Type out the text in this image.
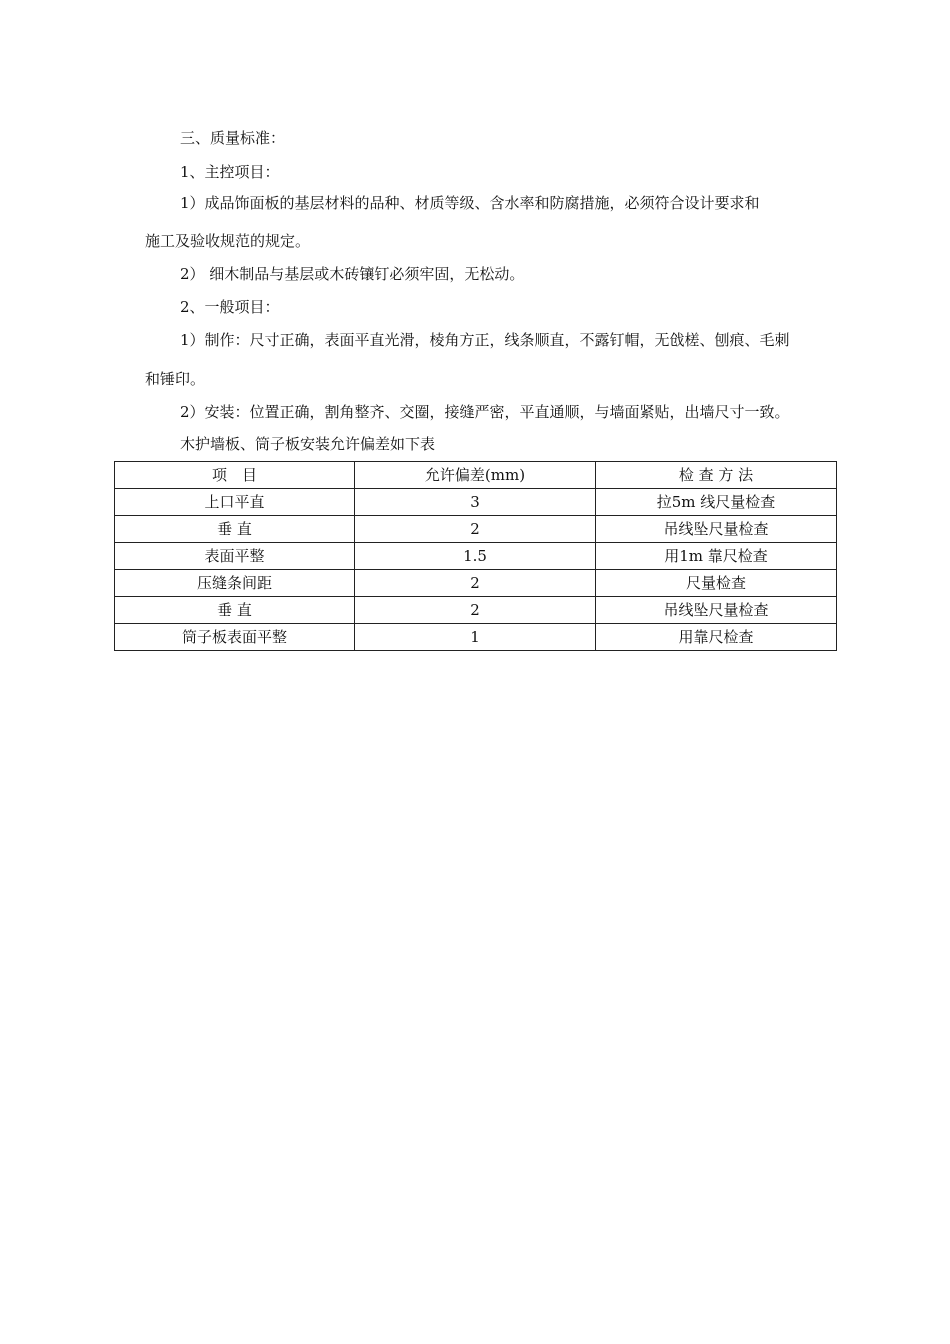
三、质量标准：
1、主控项目：
1）成品饰面板的基层材料的品种、材质等级、含水率和防腐措施，必须符合设计要求和
施工及验收规范的规定。
2） 细木制品与基层或木砖镶钉必须牢固，无松动。
2、一般项目：
1）制作：尺寸正确，表面平直光滑，棱角方正，线条顺直，不露钉帽，无戗槎、刨痕、毛刺
和锤印。
2）安装：位置正确，割角整齐、交圈，接缝严密，平直通顺，与墙面紧贴，出墙尺寸一致。
木护墙板、筒子板安装允许偏差如下表
项　目	允许偏差(mm)	检 查 方 法
上口平直	3	拉5m 线尺量检查
垂 直	2	吊线坠尺量检查
表面平整	1.5	用1m 靠尺检查
压缝条间距	2	尺量检查
垂 直	2	吊线坠尺量检查
筒子板表面平整	1	用靠尺检查
